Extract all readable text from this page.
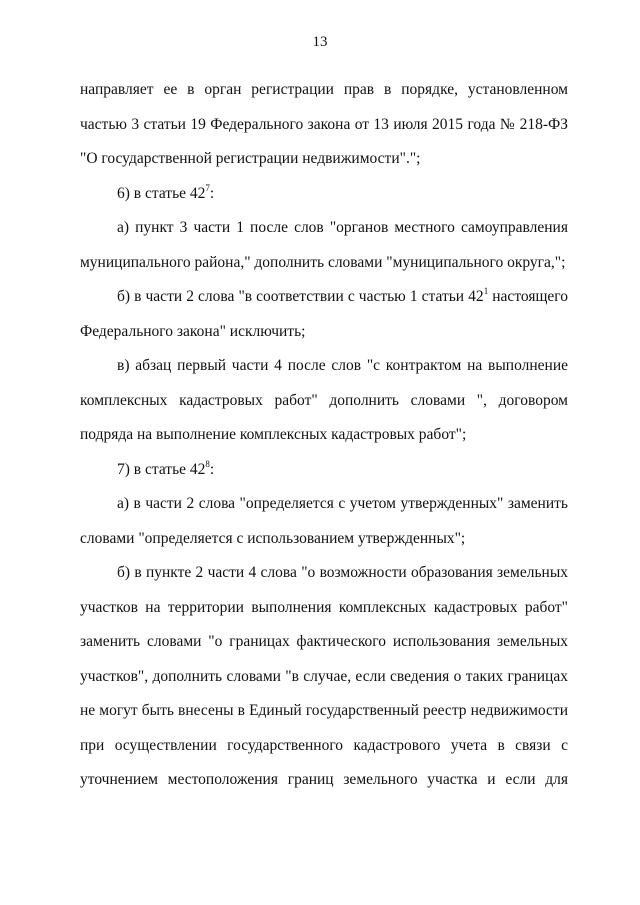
13

направляет ее в орган регистрации прав в порядке, установленном частью 3 статьи 19 Федерального закона от 13 июля 2015 года № 218-ФЗ "О государственной регистрации недвижимости".";

6) в статье $42^7$:

а) пункт 3 части 1 после слов "органов местного самоуправления муниципального района," дополнить словами "муниципального округа,";

б) в части 2 слова "в соответствии с частью 1 статьи $42^1$ настоящего Федерального закона" исключить;

в) абзац первый части 4 после слов "с контрактом на выполнение комплексных кадастровых работ" дополнить словами ", договором подряда на выполнение комплексных кадастровых работ";

7) в статье $42^8$:

а) в части 2 слова "определяется с учетом утвержденных" заменить словами "определяется с использованием утвержденных";

б) в пункте 2 части 4 слова "о возможности образования земельных участков на территории выполнения комплексных кадастровых работ" заменить словами "о границах фактического использования земельных участков", дополнить словами "в случае, если сведения о таких границах не могут быть внесены в Единый государственный реестр недвижимости при осуществлении государственного кадастрового учета в связи с уточнением местоположения границ земельного участка и если для
